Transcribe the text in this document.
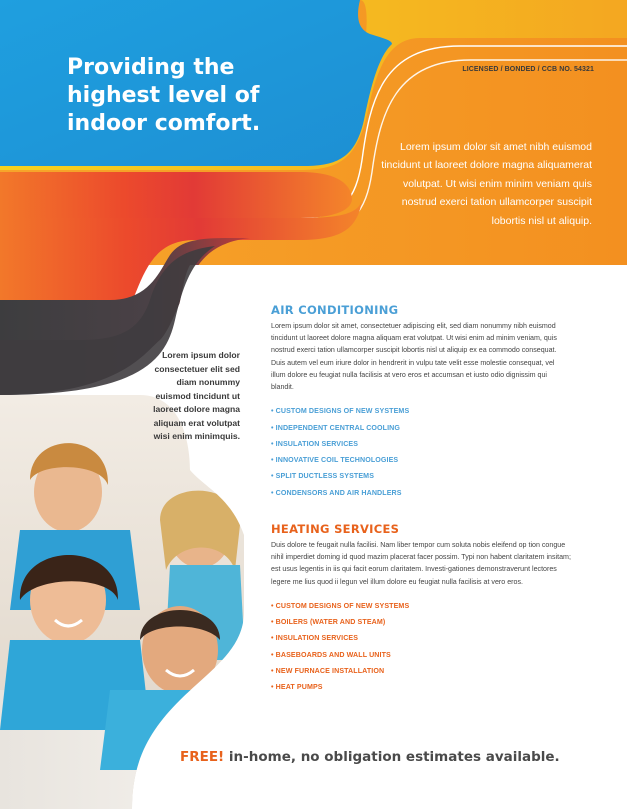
Providing the highest level of indoor comfort.
LICENSED / BONDED / CCB NO. 54321

Lorem ipsum dolor sit amet nibh euismod tincidunt ut laoreet dolore magna aliquamerat volutpat. Ut wisi enim minim veniam quis nostrud exerci tation ullamcorper suscipit lobortis nisl ut aliquip.

Lorem ipsum dolor consectetuer elit sed diam nonummy euismod tincidunt ut laoreet dolore magna aliquam erat volutpat wisi enim minimquis.
AIR CONDITIONING

Lorem ipsum dolor sit amet, consectetuer adipiscing elit, sed diam nonummy nibh euismod tincidunt ut laoreet dolore magna aliquam erat volutpat. Ut wisi enim ad minim veniam, quis nostrud exerci tation ullamcorper suscipit lobortis nisl ut aliquip ex ea commodo consequat. Duis autem vel eum iriure dolor in hendrerit in vulpu tate velit esse molestie consequat, vel illum dolore eu feugiat nulla facilisis at vero eros et accumsan et iusto odio dignissim qui blandit.

• CUSTOM DESIGNS OF NEW SYSTEMS
• INDEPENDENT CENTRAL COOLING
• INSULATION SERVICES
• INNOVATIVE COIL TECHNOLOGIES
• SPLIT DUCTLESS SYSTEMS
• CONDENSORS AND AIR HANDLERS
HEATING SERVICES

Duis dolore te feugait nulla facilisi. Nam liber tempor cum soluta nobis eleifend op tion congue nihil imperdiet doming id quod mazim placerat facer possim. Typi non habent claritatem insitam; est usus legentis in iis qui facit eorum claritatem. Investi-gationes demonstraverunt lectores legere me lius quod ii legun vel illum dolore eu feugiat nulla facilisis at vero eros.

• CUSTOM DESIGNS OF NEW SYSTEMS
• BOILERS (WATER AND STEAM)
• INSULATION SERVICES
• BASEBOARDS AND WALL UNITS
• NEW FURNACE INSTALLATION
• HEAT PUMPS
FREE! in-home, no obligation estimates available.
